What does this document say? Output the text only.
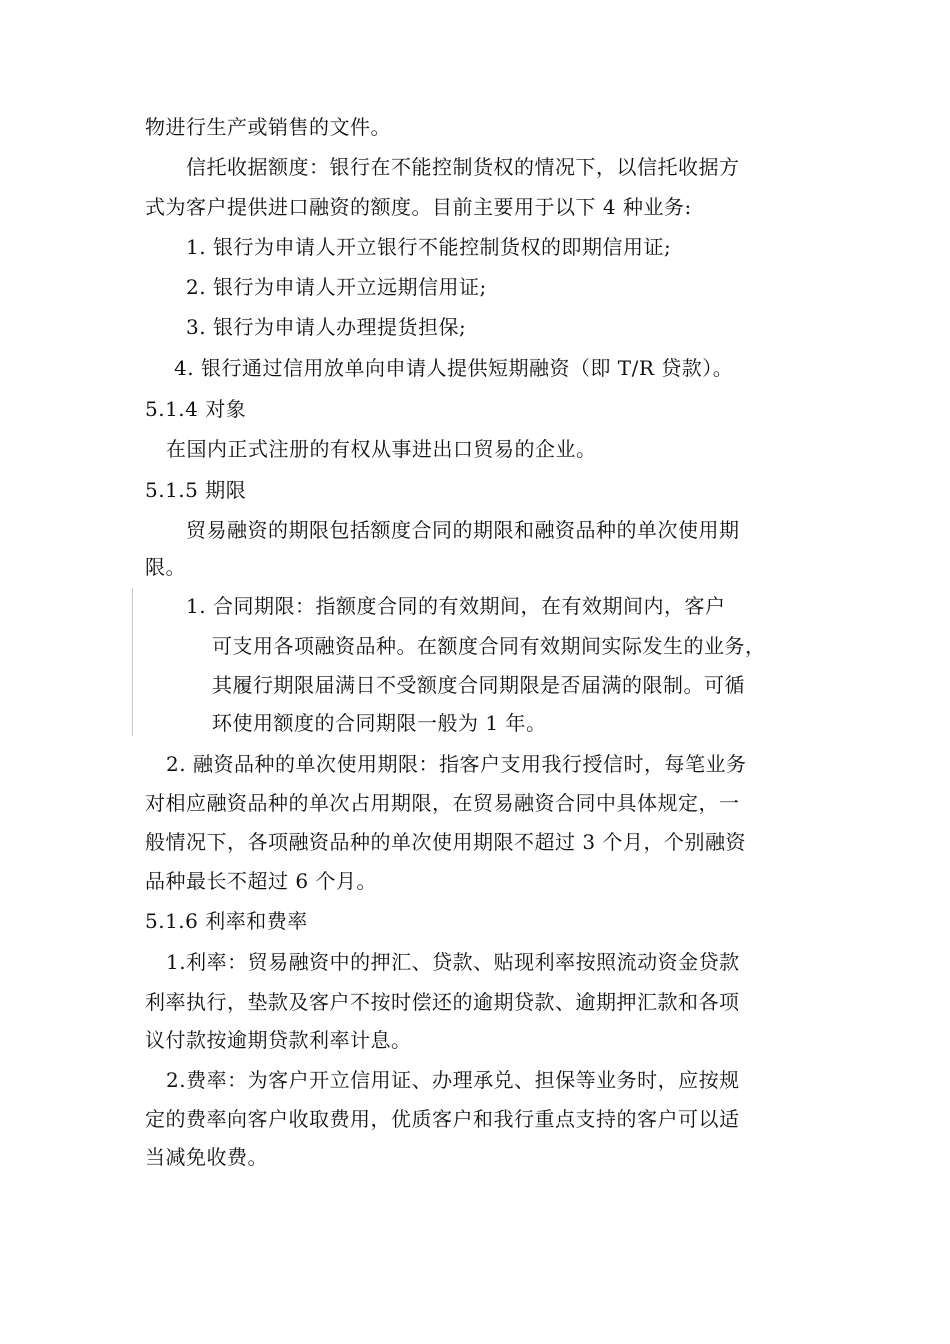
物进行生产或销售的文件。
信托收据额度：银行在不能控制货权的情况下，以信托收据方
式为客户提供进口融资的额度。目前主要用于以下 4 种业务:
1. 银行为申请人开立银行不能控制货权的即期信用证;
2. 银行为申请人开立远期信用证;
3. 银行为申请人办理提货担保;
4. 银行通过信用放单向申请人提供短期融资（即 T/R 贷款）。
5.1.4 对象
在国内正式注册的有权从事进出口贸易的企业。
5.1.5 期限
贸易融资的期限包括额度合同的期限和融资品种的单次使用期
限。
1. 合同期限：指额度合同的有效期间，在有效期间内，客户
可支用各项融资品种。在额度合同有效期间实际发生的业务，
其履行期限届满日不受额度合同期限是否届满的限制。可循
环使用额度的合同期限一般为 1 年。
2. 融资品种的单次使用期限：指客户支用我行授信时，每笔业务
对相应融资品种的单次占用期限，在贸易融资合同中具体规定，一
般情况下，各项融资品种的单次使用期限不超过 3 个月，个别融资
品种最长不超过 6 个月。
5.1.6 利率和费率
1.利率：贸易融资中的押汇、贷款、贴现利率按照流动资金贷款
利率执行，垫款及客户不按时偿还的逾期贷款、逾期押汇款和各项
议付款按逾期贷款利率计息。
2.费率：为客户开立信用证、办理承兑、担保等业务时，应按规
定的费率向客户收取费用，优质客户和我行重点支持的客户可以适
当减免收费。
